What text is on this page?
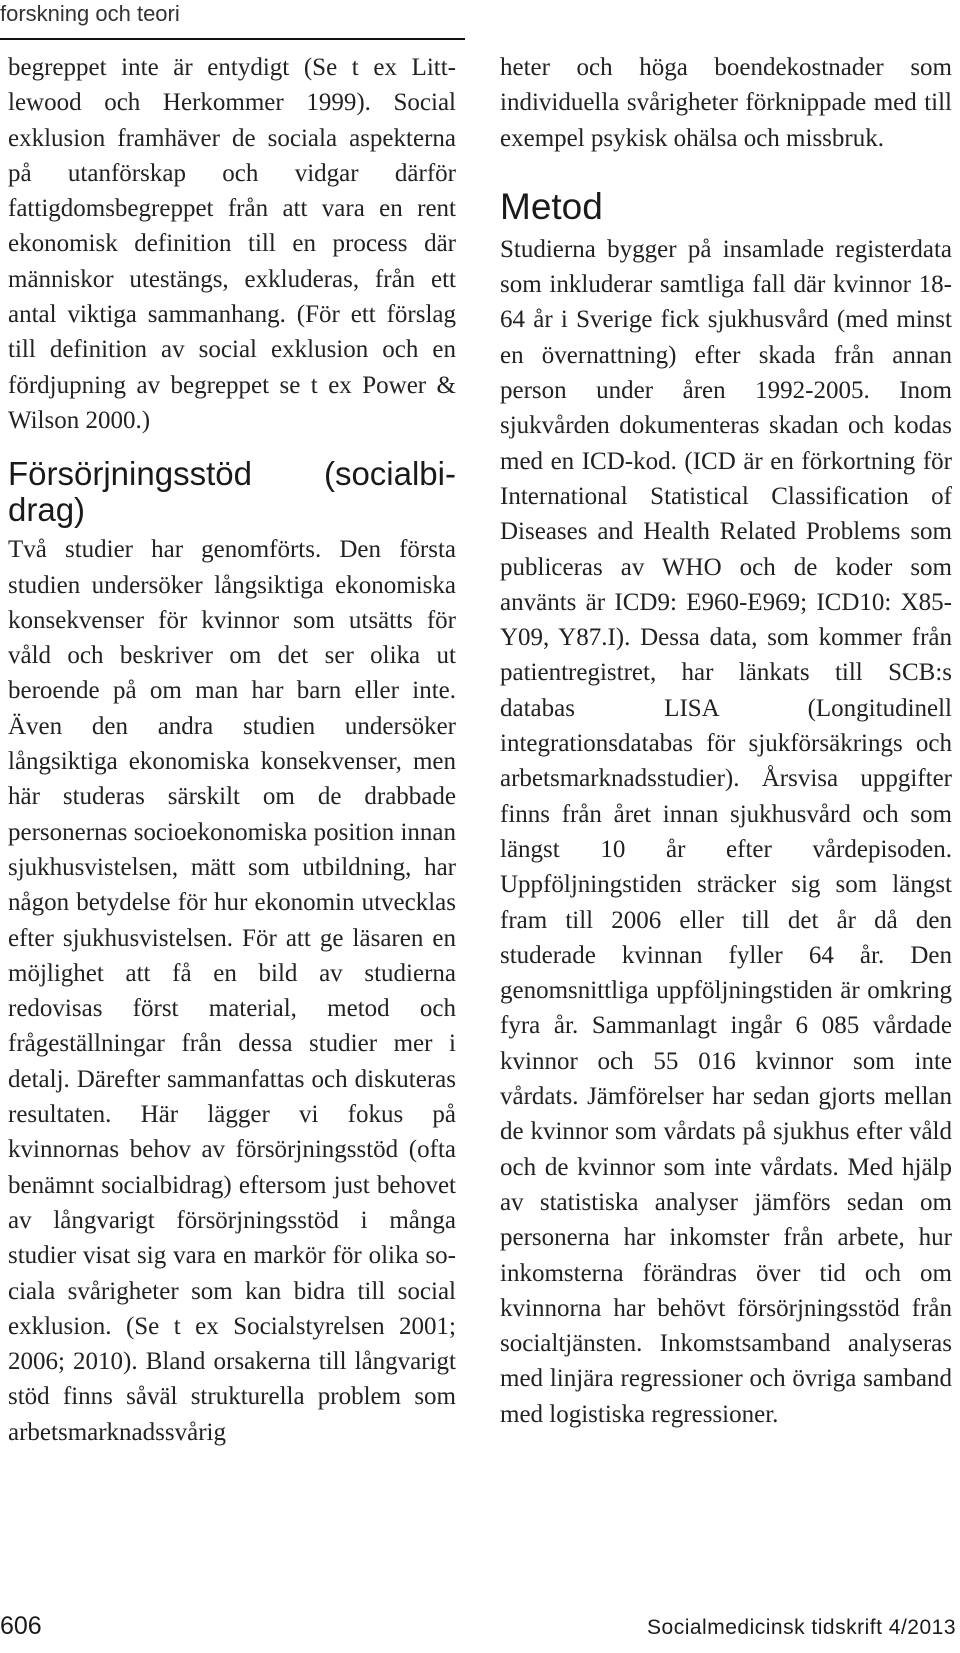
forskning och teori

begreppet inte är entydigt (Se t ex Littlewood och Herkommer 1999). Social exklusion framhäver de sociala aspekterna på utanförskap och vidgar därför fattigdomsbegreppet från att vara en rent ekonomisk definition till en process där människor utestängs, exkluderas, från ett antal viktiga sammanhang. (För ett förslag till definition av social exklusion och en fördjupning av begreppet se t ex Power & Wilson 2000.)

Försörjningsstöd (socialbidrag)

Två studier har genomförts. Den första studien undersöker långsiktiga ekonomiska konsekvenser för kvinnor som utsätts för våld och beskriver om det ser olika ut beroende på om man har barn eller inte. Även den andra studien undersöker långsiktiga ekonomiska konsekvenser, men här studeras särskilt om de drabbade personernas socioekonomiska position innan sjukhusvistelsen, mätt som utbildning, har någon betydelse för hur ekonomin utvecklas efter sjukhusvistelsen. För att ge läsaren en möjlighet att få en bild av studierna redovisas först material, metod och frågeställningar från dessa studier mer i detalj. Därefter sammanfattas och diskuteras resultaten. Här lägger vi fokus på kvinnornas behov av försörjningsstöd (ofta benämnt socialbidrag) eftersom just behovet av långvarigt försörjningsstöd i många studier visat sig vara en markör för olika sociala svårigheter som kan bidra till social exklusion. (Se t ex Socialstyrelsen 2001; 2006; 2010). Bland orsakerna till långvarigt stöd finns såväl strukturella problem som arbetsmarknadssvårig

heter och höga boendekostnader som individuella svårigheter förknippade med till exempel psykisk ohälsa och missbruk.

Metod

Studierna bygger på insamlade registerdata som inkluderar samtliga fall där kvinnor 18-64 år i Sverige fick sjukhusvård (med minst en övernattning) efter skada från annan person under åren 1992-2005. Inom sjukvården dokumenteras skadan och kodas med en ICD-kod. (ICD är en förkortning för International Statistical Classification of Diseases and Health Related Problems som publiceras av WHO och de koder som använts är ICD9: E960-E969; ICD10: X85-Y09, Y87.I). Dessa data, som kommer från patientregistret, har länkats till SCB:s databas LISA (Longitudinell integrationsdatabas för sjukförsäkrings och arbetsmarknadsstudier). Årsvisa uppgifter finns från året innan sjukhusvård och som längst 10 år efter vårdepisoden. Uppföljningstiden sträcker sig som längst fram till 2006 eller till det år då den studerade kvinnan fyller 64 år. Den genomsnittliga uppföljningstiden är omkring fyra år. Sammanlagt ingår 6 085 vårdade kvinnor och 55 016 kvinnor som inte vårdats. Jämförelser har sedan gjorts mellan de kvinnor som vårdats på sjukhus efter våld och de kvinnor som inte vårdats. Med hjälp av statistiska analyser jämförs sedan om personerna har inkomster från arbete, hur inkomsterna förändras över tid och om kvinnorna har behövt försörjningsstöd från socialtjänsten. Inkomstsamband analyseras med linjära regressioner och övriga samband med logistiska regressioner.

606	Socialmedicinsk tidskrift 4/2013
